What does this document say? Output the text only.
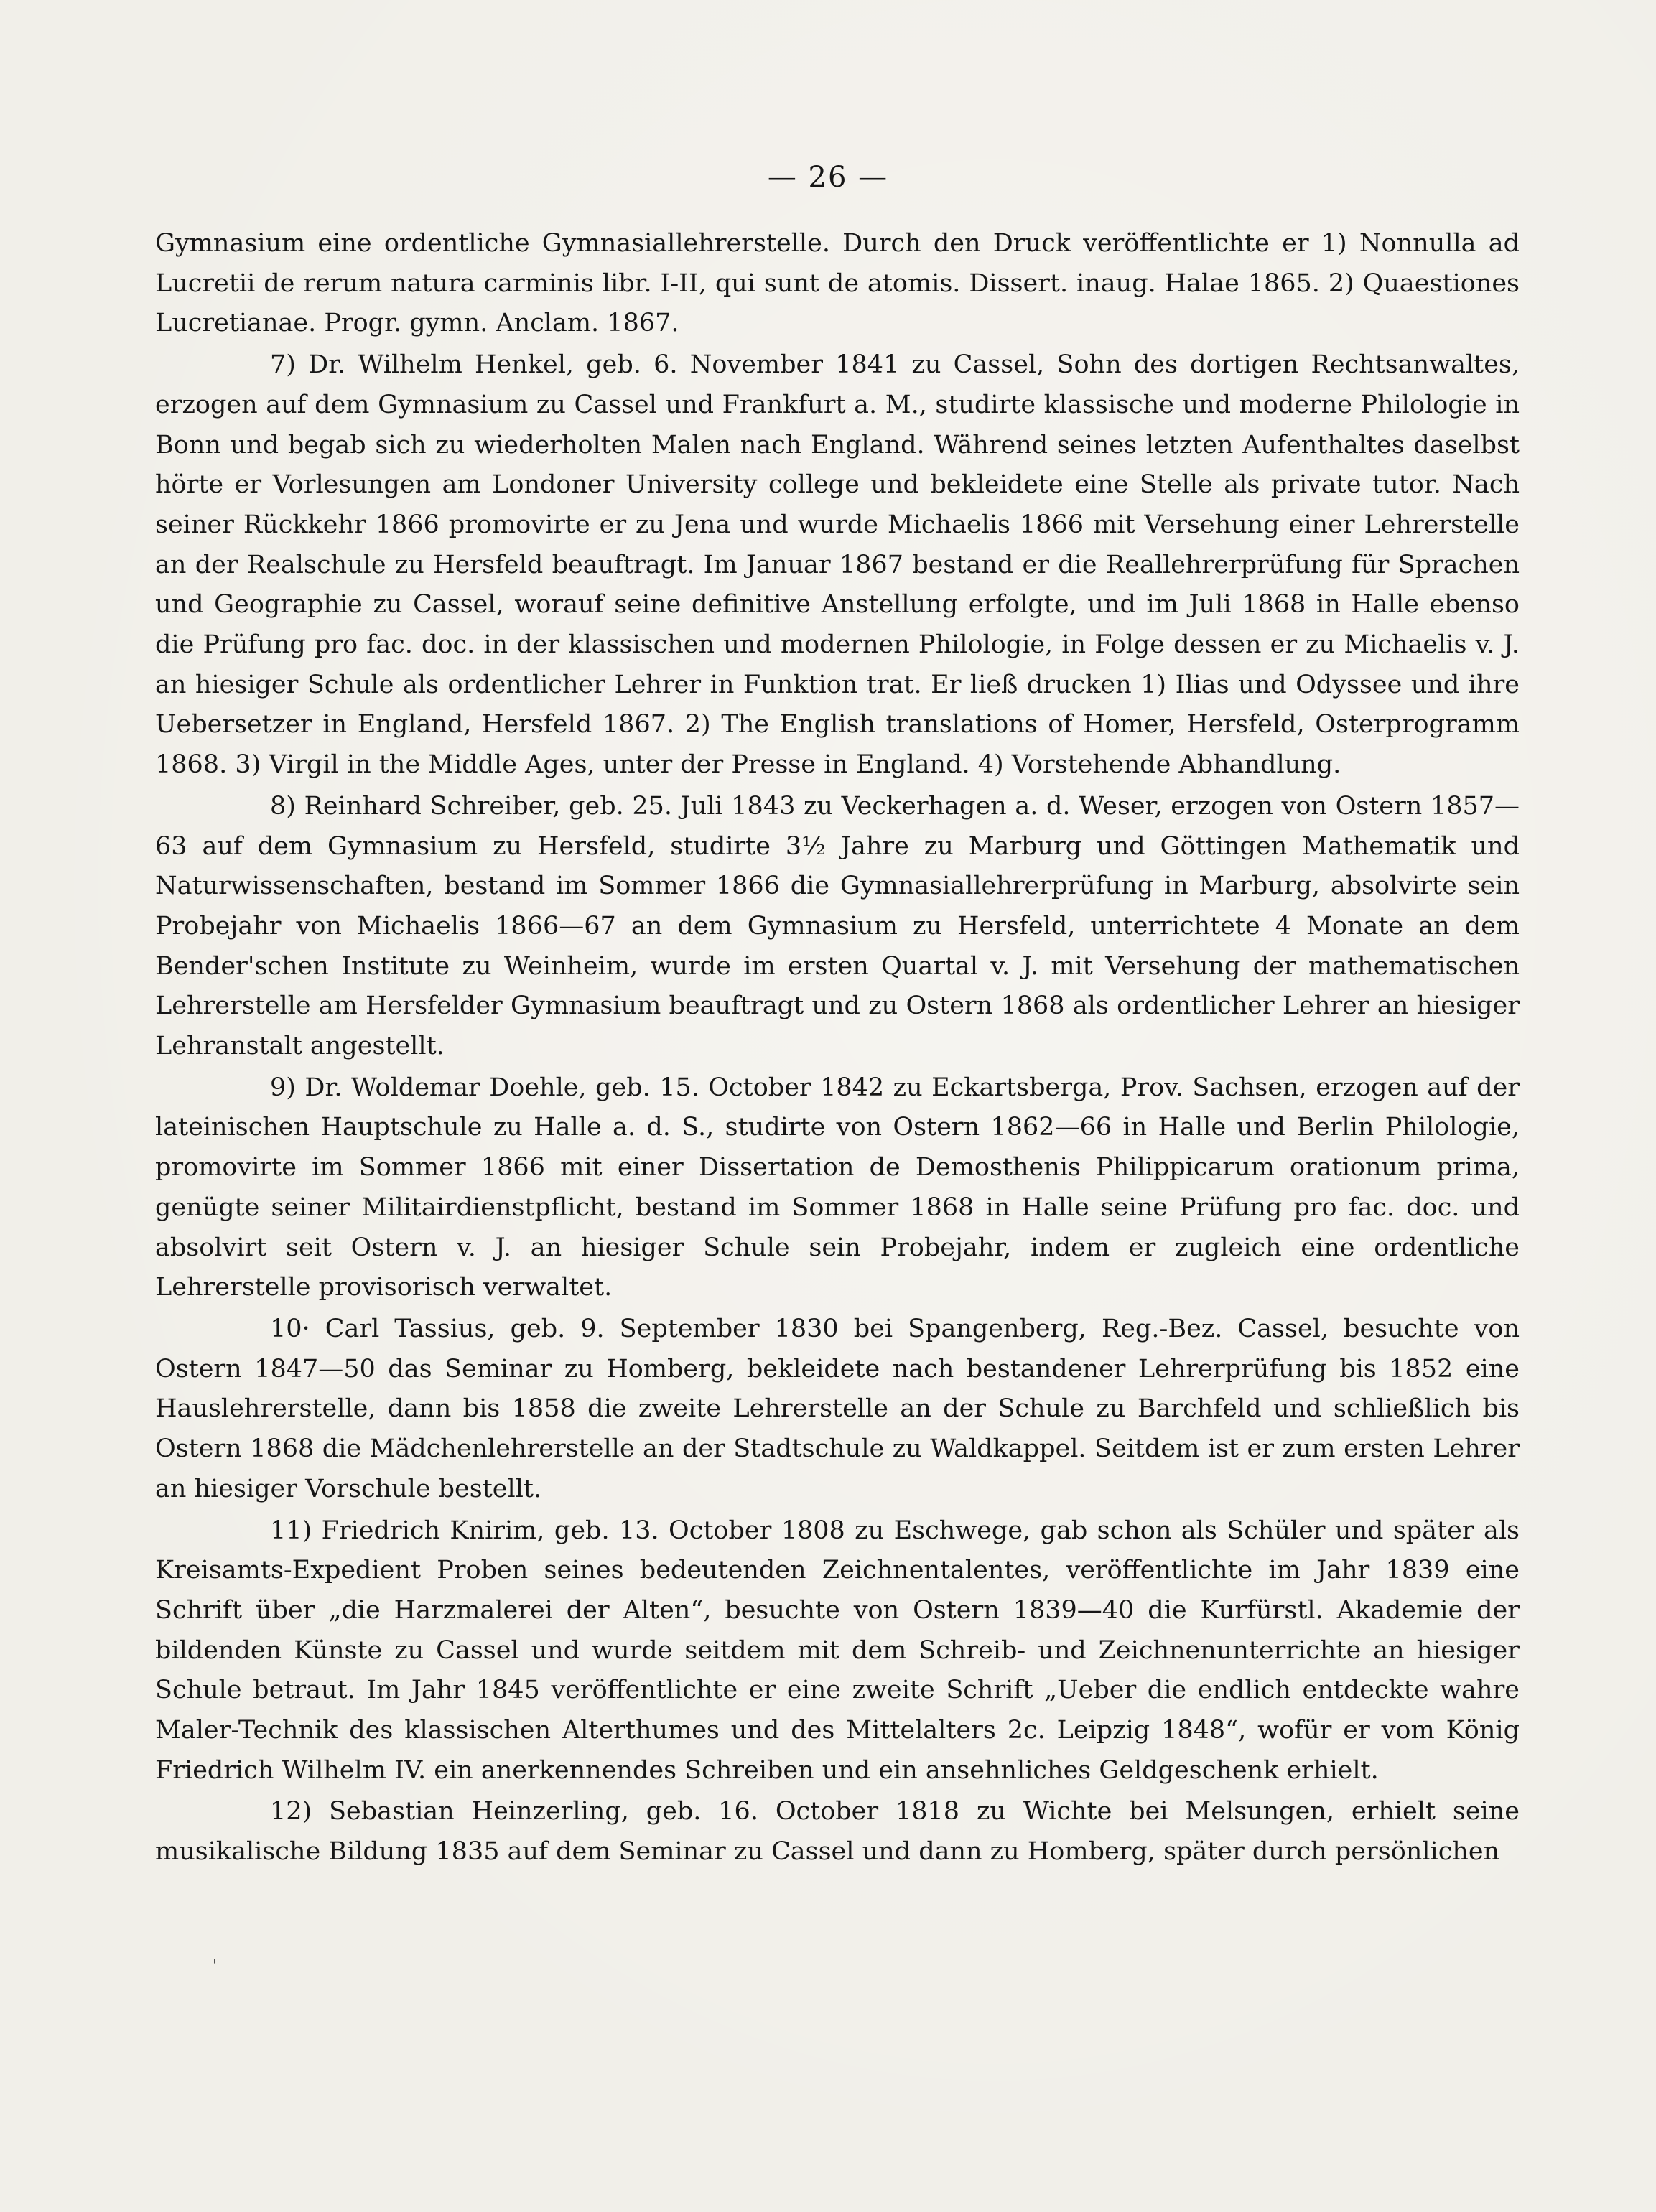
— 26 —

Gymnasium eine ordentliche Gymnasiallehrerstelle. Durch den Druck veröffentlichte er 1) Nonnulla ad Lucretii de rerum natura carminis libr. I-II, qui sunt de atomis. Dissert. inaug. Halae 1865. 2) Quaestiones Lucretianae. Progr. gymn. Anclam. 1867.

7) Dr. Wilhelm Henkel, geb. 6. November 1841 zu Cassel, Sohn des dortigen Rechtsanwaltes, erzogen auf dem Gymnasium zu Cassel und Frankfurt a. M., studirte klassische und moderne Philologie in Bonn und begab sich zu wiederholten Malen nach England. Während seines letzten Aufenthaltes daselbst hörte er Vorlesungen am Londoner University college und bekleidete eine Stelle als private tutor. Nach seiner Rückkehr 1866 promovirte er zu Jena und wurde Michaelis 1866 mit Versehung einer Lehrerstelle an der Realschule zu Hersfeld beauftragt. Im Januar 1867 bestand er die Reallehrerprüfung für Sprachen und Geographie zu Cassel, worauf seine definitive Anstellung erfolgte, und im Juli 1868 in Halle ebenso die Prüfung pro fac. doc. in der klassischen und modernen Philologie, in Folge dessen er zu Michaelis v. J. an hiesiger Schule als ordentlicher Lehrer in Funktion trat. Er ließ drucken 1) Ilias und Odyssee und ihre Uebersetzer in England, Hersfeld 1867. 2) The English translations of Homer, Hersfeld, Osterprogramm 1868. 3) Virgil in the Middle Ages, unter der Presse in England. 4) Vorstehende Abhandlung.

8) Reinhard Schreiber, geb. 25. Juli 1843 zu Veckerhagen a. d. Weser, erzogen von Ostern 1857—63 auf dem Gymnasium zu Hersfeld, studirte 3½ Jahre zu Marburg und Göttingen Mathematik und Naturwissenschaften, bestand im Sommer 1866 die Gymnasiallehrerprüfung in Marburg, absolvirte sein Probejahr von Michaelis 1866—67 an dem Gymnasium zu Hersfeld, unterrichtete 4 Monate an dem Bender'schen Institute zu Weinheim, wurde im ersten Quartal v. J. mit Versehung der mathematischen Lehrerstelle am Hersfelder Gymnasium beauftragt und zu Ostern 1868 als ordentlicher Lehrer an hiesiger Lehranstalt angestellt.

9) Dr. Woldemar Doehle, geb. 15. October 1842 zu Eckartsberga, Prov. Sachsen, erzogen auf der lateinischen Hauptschule zu Halle a. d. S., studirte von Ostern 1862—66 in Halle und Berlin Philologie, promovirte im Sommer 1866 mit einer Dissertation de Demosthenis Philippicarum orationum prima, genügte seiner Militairdienstpflicht, bestand im Sommer 1868 in Halle seine Prüfung pro fac. doc. und absolvirt seit Ostern v. J. an hiesiger Schule sein Probejahr, indem er zugleich eine ordentliche Lehrerstelle provisorisch verwaltet.

10· Carl Tassius, geb. 9. September 1830 bei Spangenberg, Reg.-Bez. Cassel, besuchte von Ostern 1847—50 das Seminar zu Homberg, bekleidete nach bestandener Lehrerprüfung bis 1852 eine Hauslehrerstelle, dann bis 1858 die zweite Lehrerstelle an der Schule zu Barchfeld und schließlich bis Ostern 1868 die Mädchenlehrerstelle an der Stadtschule zu Waldkappel. Seitdem ist er zum ersten Lehrer an hiesiger Vorschule bestellt.

11) Friedrich Knirim, geb. 13. October 1808 zu Eschwege, gab schon als Schüler und später als Kreisamts-Expedient Proben seines bedeutenden Zeichnentalentes, veröffentlichte im Jahr 1839 eine Schrift über „die Harzmalerei der Alten“, besuchte von Ostern 1839—40 die Kurfürstl. Akademie der bildenden Künste zu Cassel und wurde seitdem mit dem Schreib- und Zeichnenunterrichte an hiesiger Schule betraut. Im Jahr 1845 veröffentlichte er eine zweite Schrift „Ueber die endlich entdeckte wahre Maler-Technik des klassischen Alterthumes und des Mittelalters 2c. Leipzig 1848“, wofür er vom König Friedrich Wilhelm IV. ein anerkennendes Schreiben und ein ansehnliches Geldgeschenk erhielt.

12) Sebastian Heinzerling, geb. 16. October 1818 zu Wichte bei Melsungen, erhielt seine musikalische Bildung 1835 auf dem Seminar zu Cassel und dann zu Homberg, später durch persönlichen

'
